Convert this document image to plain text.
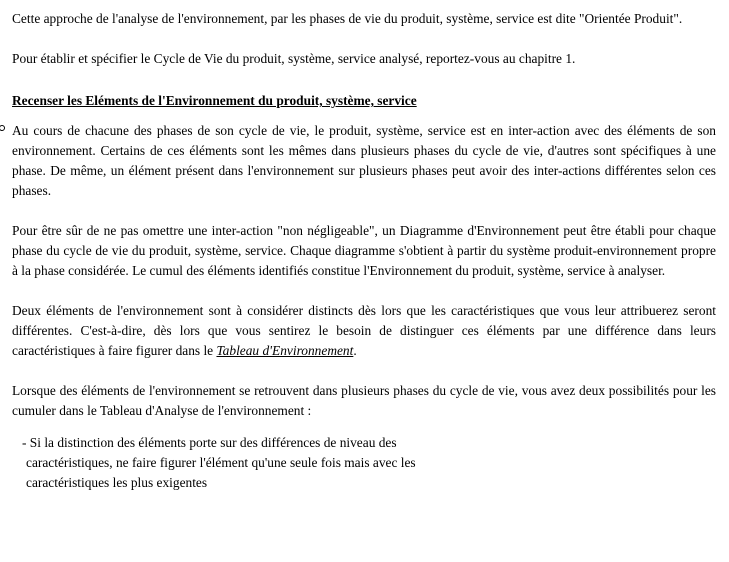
Cette approche de l'analyse de l'environnement, par les phases de vie du produit, système, service est dite "Orientée Produit".

Pour établir et spécifier le Cycle de Vie du produit, système, service analysé, reportez-vous au chapitre 1.

Recenser les Eléments de l'Environnement du produit, système, service

Au cours de chacune des phases de son cycle de vie, le produit, système, service est en inter-action avec des éléments de son environnement. Certains de ces éléments sont les mêmes dans plusieurs phases du cycle de vie, d'autres sont spécifiques à une phase. De même, un élément présent dans l'environnement sur plusieurs phases peut avoir des inter-actions différentes selon ces phases.

Pour être sûr de ne pas omettre une inter-action "non négligeable", un Diagramme d'Environnement peut être établi pour chaque phase du cycle de vie du produit, système, service. Chaque diagramme s'obtient à partir du système produit-environnement propre à la phase considérée. Le cumul des éléments identifiés constitue l'Environnement du produit, système, service à analyser.

Deux éléments de l'environnement sont à considérer distincts dès lors que les caractéristiques que vous leur attribuerez seront différentes. C'est-à-dire, dès lors que vous sentirez le besoin de distinguer ces éléments par une différence dans leurs caractéristiques à faire figurer dans le Tableau d'Environnement.

Lorsque des éléments de l'environnement se retrouvent dans plusieurs phases du cycle de vie, vous avez deux possibilités pour les cumuler dans le Tableau d'Analyse de l'environnement :

- Si la distinction des éléments porte sur des différences de niveau des
caractéristiques, ne faire figurer l'élément qu'une seule fois mais avec les
caractéristiques les plus exigentes
